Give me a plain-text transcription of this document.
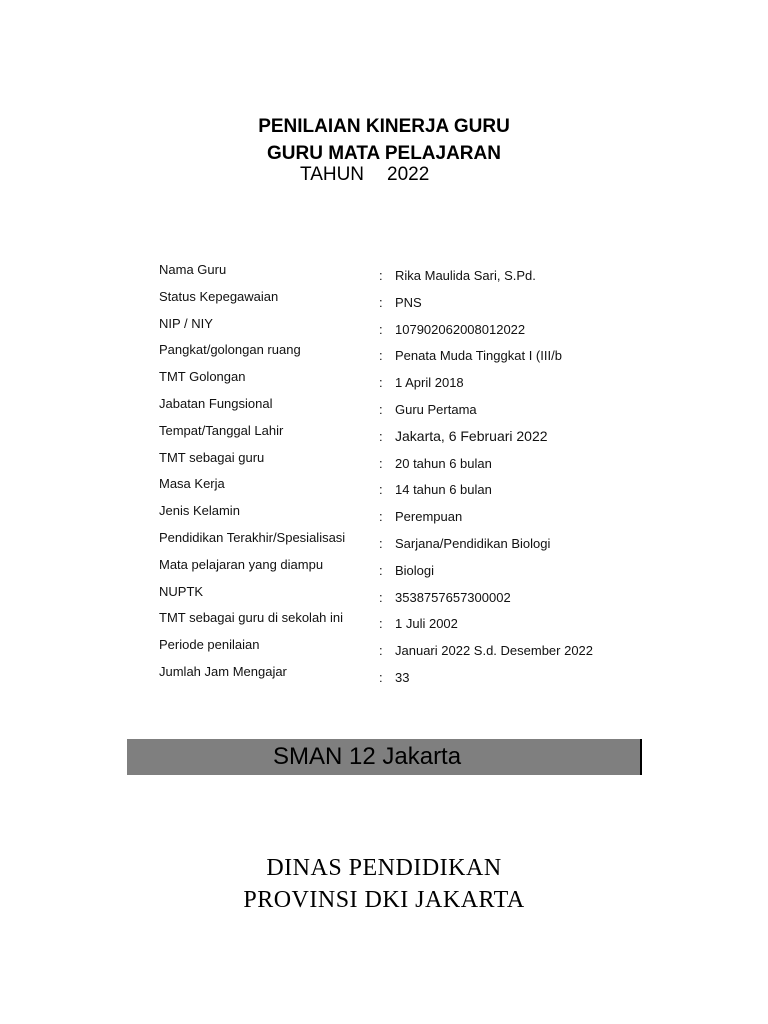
PENILAIAN KINERJA GURU
GURU MATA PELAJARAN
TAHUN 2022
Nama Guru	: Rika Maulida Sari, S.Pd.
Status Kepegawaian	: PNS
NIP / NIY	: 107902062008012022
Pangkat/golongan ruang	: Penata Muda Tinggkat I (III/b
TMT Golongan	: 1 April 2018
Jabatan Fungsional	: Guru Pertama
Tempat/Tanggal Lahir	: Jakarta, 6 Februari 2022
TMT sebagai guru	: 20 tahun 6 bulan
Masa Kerja	: 14 tahun 6 bulan
Jenis Kelamin	: Perempuan
Pendidikan Terakhir/Spesialisasi	: Sarjana/Pendidikan Biologi
Mata pelajaran yang diampu	: Biologi
NUPTK	: 3538757657300002
TMT sebagai guru di sekolah ini	: 1 Juli 2002
Periode penilaian	: Januari 2022 S.d. Desember 2022
Jumlah Jam Mengajar	: 33
SMAN 12 Jakarta
DINAS PENDIDIKAN
PROVINSI DKI JAKARTA
